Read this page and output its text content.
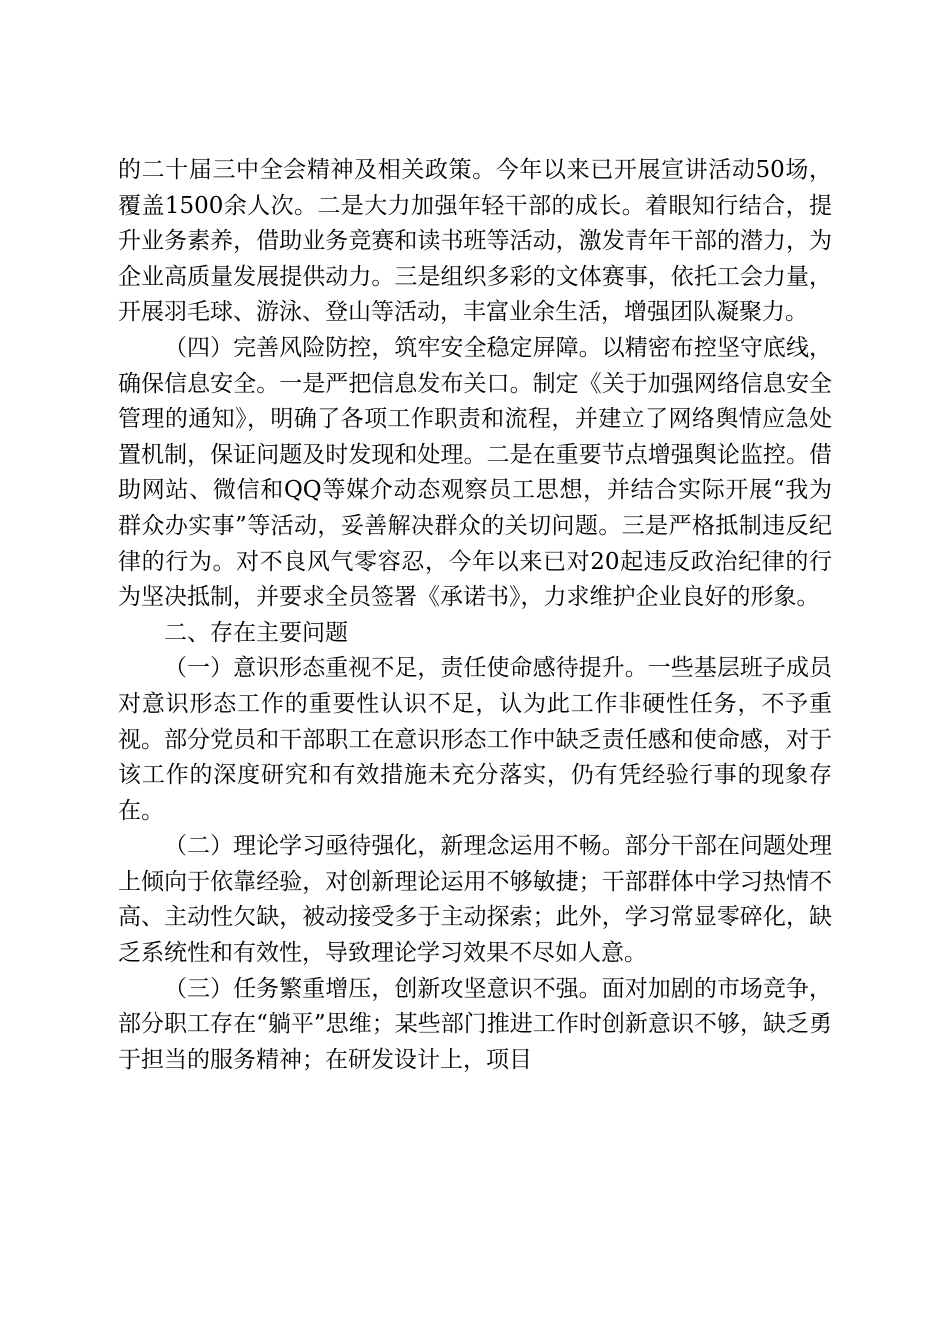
的二十届三中全会精神及相关政策。今年以来已开展宣讲活动50场，覆盖1500余人次。二是大力加强年轻干部的成长。着眼知行结合，提升业务素养，借助业务竞赛和读书班等活动，激发青年干部的潜力，为企业高质量发展提供动力。三是组织多彩的文体赛事，依托工会力量，开展羽毛球、游泳、登山等活动，丰富业余生活，增强团队凝聚力。

（四）完善风险防控，筑牢安全稳定屏障。以精密布控坚守底线，确保信息安全。一是严把信息发布关口。制定《关于加强网络信息安全管理的通知》，明确了各项工作职责和流程，并建立了网络舆情应急处置机制，保证问题及时发现和处理。二是在重要节点增强舆论监控。借助网站、微信和QQ等媒介动态观察员工思想，并结合实际开展“我为群众办实事”等活动，妥善解决群众的关切问题。三是严格抵制违反纪律的行为。对不良风气零容忍，今年以来已对20起违反政治纪律的行为坚决抵制，并要求全员签署《承诺书》，力求维护企业良好的形象。

二、存在主要问题

（一）意识形态重视不足，责任使命感待提升。一些基层班子成员对意识形态工作的重要性认识不足，认为此工作非硬性任务，不予重视。部分党员和干部职工在意识形态工作中缺乏责任感和使命感，对于该工作的深度研究和有效措施未充分落实，仍有凭经验行事的现象存在。

（二）理论学习亟待强化，新理念运用不畅。部分干部在问题处理上倾向于依靠经验，对创新理论运用不够敏捷；干部群体中学习热情不高、主动性欠缺，被动接受多于主动探索；此外，学习常显零碎化，缺乏系统性和有效性，导致理论学习效果不尽如人意。

（三）任务繁重增压，创新攻坚意识不强。面对加剧的市场竞争，部分职工存在“躺平”思维；某些部门推进工作时创新意识不够，缺乏勇于担当的服务精神；在研发设计上，项目
